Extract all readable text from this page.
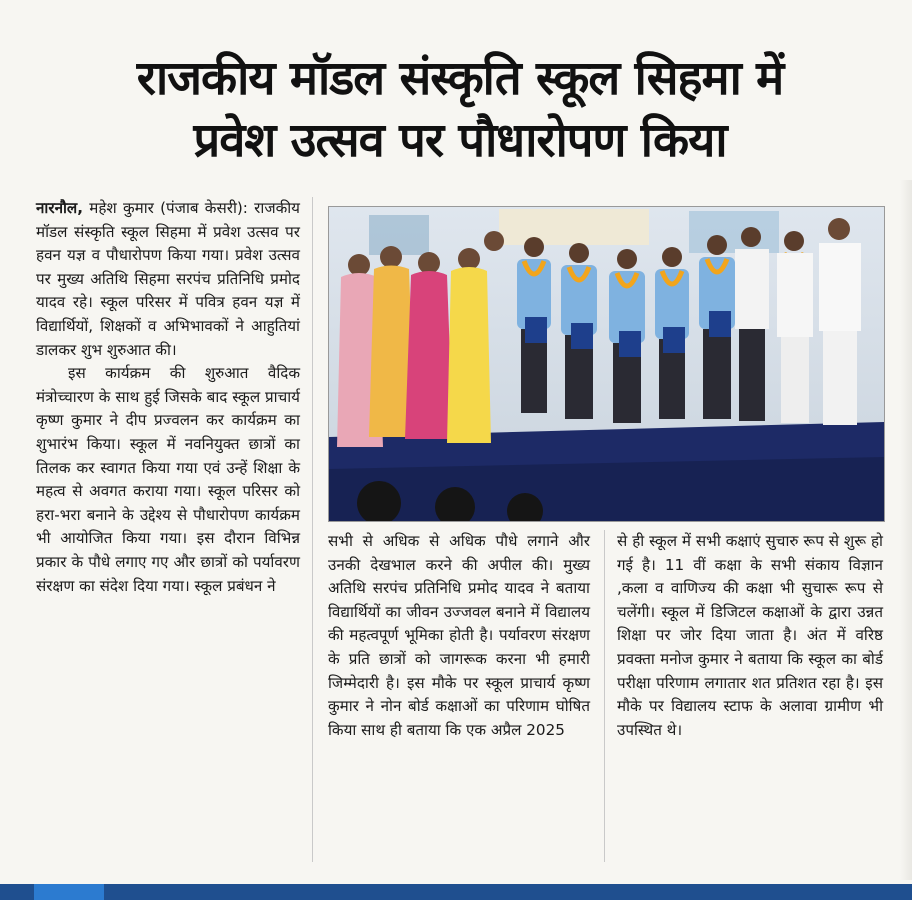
राजकीय मॉडल संस्कृति स्कूल सिहमा में
प्रवेश उत्सव पर पौधारोपण किया

नारनौल, महेश कुमार (पंजाब केसरी): राजकीय मॉडल संस्कृति स्कूल सिहमा में प्रवेश उत्सव पर हवन यज्ञ व पौधारोपण किया गया। प्रवेश उत्सव पर मुख्य अतिथि सिहमा सरपंच प्रतिनिधि प्रमोद यादव रहे। स्कूल परिसर में पवित्र हवन यज्ञ में विद्यार्थियों, शिक्षकों व अभिभावकों ने आहुतियां डालकर शुभ शुरुआत की।

इस कार्यक्रम की शुरुआत वैदिक मंत्रोच्चारण के साथ हुई जिसके बाद स्कूल प्राचार्य कृष्ण कुमार ने दीप प्रज्वलन कर कार्यक्रम का शुभारंभ किया। स्कूल में नवनियुक्त छात्रों का तिलक कर स्वागत किया गया एवं उन्हें शिक्षा के महत्व से अवगत कराया गया। स्कूल परिसर को हरा-भरा बनाने के उद्देश्य से पौधारोपण कार्यक्रम भी आयोजित किया गया। इस दौरान विभिन्न प्रकार के पौधे लगाए गए और छात्रों को पर्यावरण संरक्षण का संदेश दिया गया। स्कूल प्रबंधन ने

सभी से अधिक से अधिक पौधे लगाने और उनकी देखभाल करने की अपील की। मुख्य अतिथि सरपंच प्रतिनिधि प्रमोद यादव ने बताया विद्यार्थियों का जीवन उज्जवल बनाने में विद्यालय की महत्वपूर्ण भूमिका होती है। पर्यावरण संरक्षण के प्रति छात्रों को जागरूक करना भी हमारी जिम्मेदारी है। इस मौके पर स्कूल प्राचार्य कृष्ण कुमार ने नोन बोर्ड कक्षाओं का परिणाम घोषित किया साथ ही बताया कि एक अप्रैल 2025

से ही स्कूल में सभी कक्षाएं सुचारु रूप से शुरू हो गई है। 11 वीं कक्षा के सभी संकाय विज्ञान ,कला व वाणिज्य की कक्षा भी सुचारू रूप से चलेंगी। स्कूल में डिजिटल कक्षाओं के द्वारा उन्नत शिक्षा पर जोर दिया जाता है। अंत में वरिष्ठ प्रवक्ता मनोज कुमार ने बताया कि स्कूल का बोर्ड परीक्षा परिणाम लगातार शत प्रतिशत रहा है। इस मौके पर विद्यालय स्टाफ के अलावा ग्रामीण भी उपस्थित थे।
